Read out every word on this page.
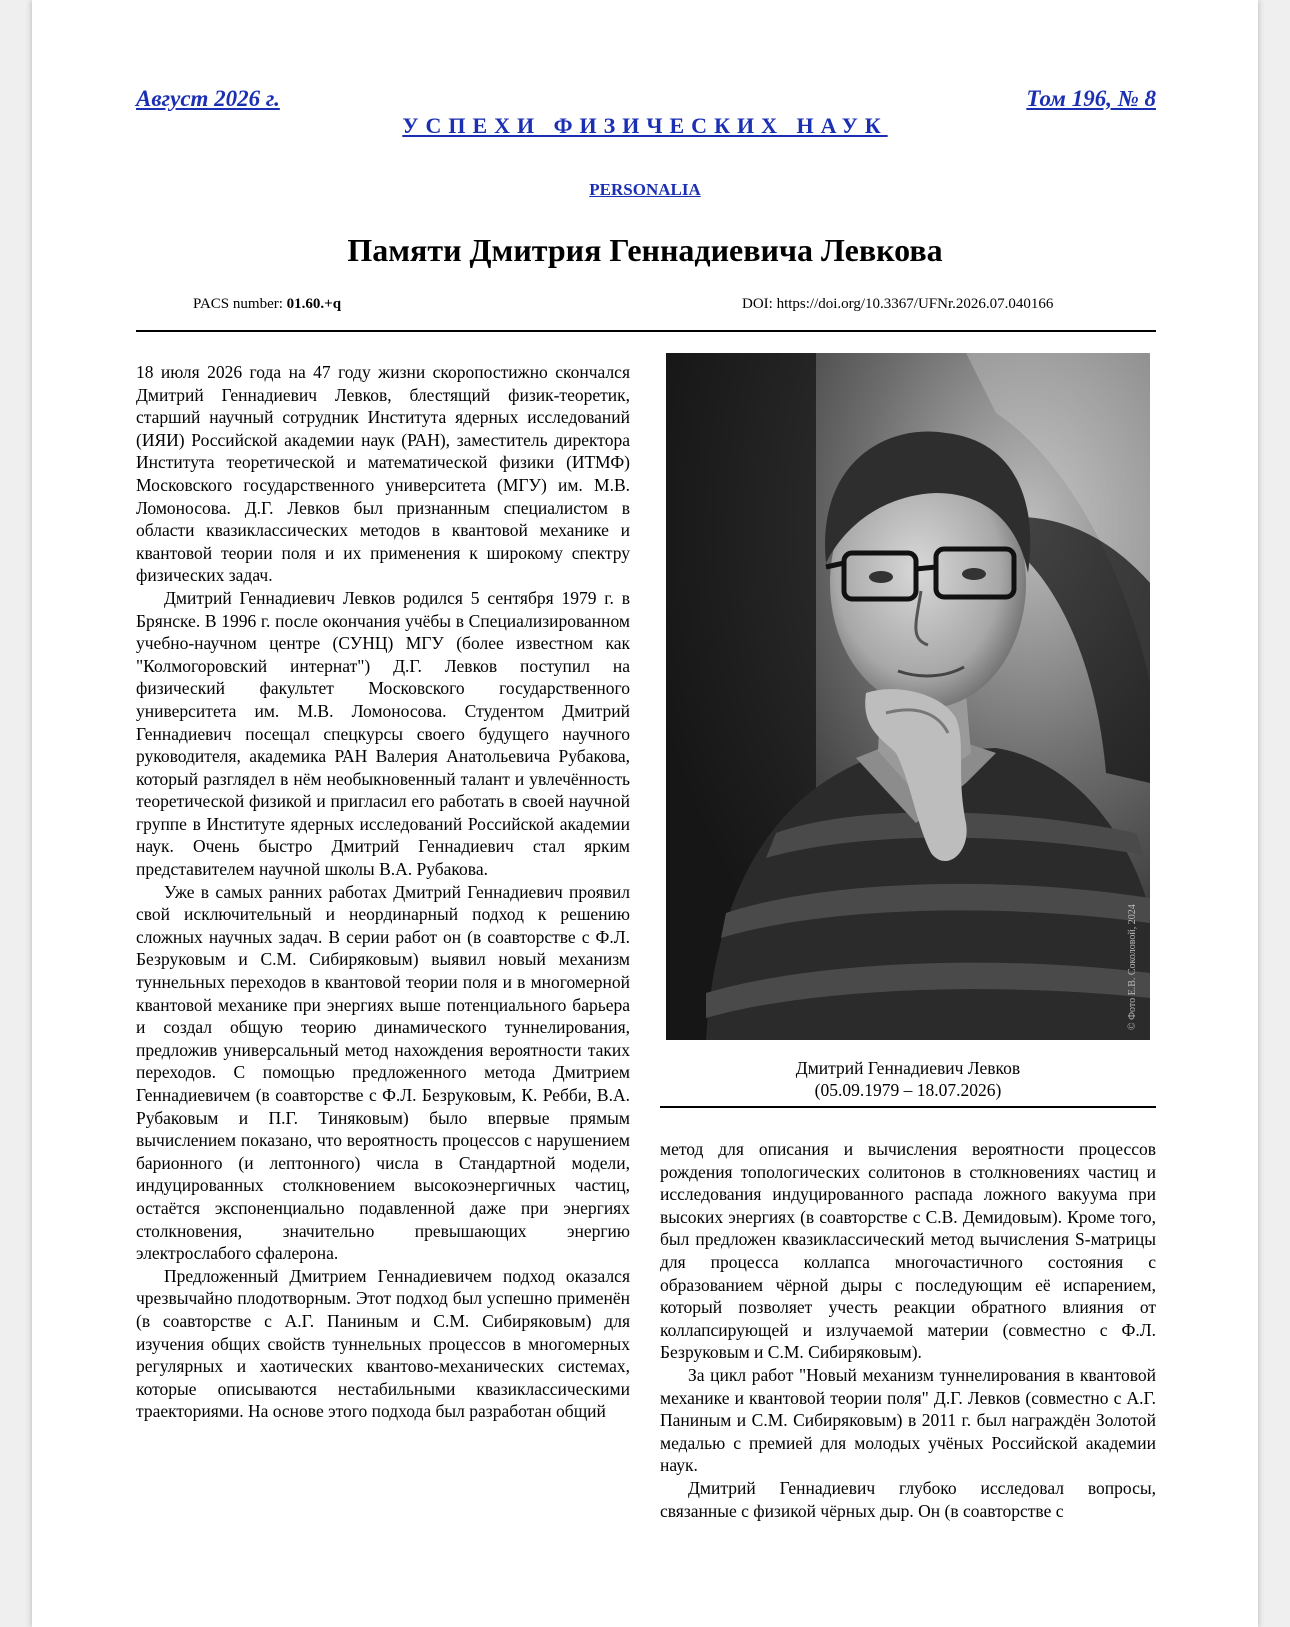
Август 2026 г.	Том 196, № 8
УСПЕХИ ФИЗИЧЕСКИХ НАУК
PERSONALIA
Памяти Дмитрия Геннадиевича Левкова
PACS number: 01.60.+q	DOI: https://doi.org/10.3367/UFNr.2026.07.040166

18 июля 2026 года на 47 году жизни скоропостижно скончался Дмитрий Геннадиевич Левков, блестящий физик-теоретик, старший научный сотрудник Института ядерных исследований (ИЯИ) Российской академии наук (РАН), заместитель директора Института теоретической и математической физики (ИТМФ) Московского государственного университета (МГУ) им. М.В. Ломоносова. Д.Г. Левков был признанным специалистом в области квазиклассических методов в квантовой механике и квантовой теории поля и их применения к широкому спектру физических задач.

Дмитрий Геннадиевич Левков родился 5 сентября 1979 г. в Брянске. В 1996 г. после окончания учёбы в Специализированном учебно-научном центре (СУНЦ) МГУ (более известном как "Колмогоровский интернат") Д.Г. Левков поступил на физический факультет Московского государственного университета им. М.В. Ломоносова. Студентом Дмитрий Геннадиевич посещал спецкурсы своего будущего научного руководителя, академика РАН Валерия Анатольевича Рубакова, который разглядел в нём необыкновенный талант и увлечённость теоретической физикой и пригласил его работать в своей научной группе в Институте ядерных исследований Российской академии наук. Очень быстро Дмитрий Геннадиевич стал ярким представителем научной школы В.А. Рубакова.

Уже в самых ранних работах Дмитрий Геннадиевич проявил свой исключительный и неординарный подход к решению сложных научных задач. В серии работ он (в соавторстве с Ф.Л. Безруковым и С.М. Сибиряковым) выявил новый механизм туннельных переходов в квантовой теории поля и в многомерной квантовой механике при энергиях выше потенциального барьера и создал общую теорию динамического туннелирования, предложив универсальный метод нахождения вероятности таких переходов. С помощью предложенного метода Дмитрием Геннадиевичем (в соавторстве с Ф.Л. Безруковым, К. Ребби, В.А. Рубаковым и П.Г. Тиняковым) было впервые прямым вычислением показано, что вероятность процессов с нарушением барионного (и лептонного) числа в Стандартной модели, индуцированных столкновением высокоэнергичных частиц, остаётся экспоненциально подавленной даже при энергиях столкновения, значительно превышающих энергию электрослабого сфалерона.

Предложенный Дмитрием Геннадиевичем подход оказался чрезвычайно плодотворным. Этот подход был успешно применён (в соавторстве с А.Г. Паниным и С.М. Сибиряковым) для изучения общих свойств туннельных процессов в многомерных регулярных и хаотических квантово-механических системах, которые описываются нестабильными квазиклассическими траекториями. На основе этого подхода был разработан общий

© Фото Е.В. Соколовой, 2024
Дмитрий Геннадиевич Левков
(05.09.1979 – 18.07.2026)

метод для описания и вычисления вероятности процессов рождения топологических солитонов в столкновениях частиц и исследования индуцированного распада ложного вакуума при высоких энергиях (в соавторстве с С.В. Демидовым). Кроме того, был предложен квазиклассический метод вычисления S-матрицы для процесса коллапса многочастичного состояния с образованием чёрной дыры с последующим её испарением, который позволяет учесть реакции обратного влияния от коллапсирующей и излучаемой материи (совместно с Ф.Л. Безруковым и С.М. Сибиряковым).

За цикл работ "Новый механизм туннелирования в квантовой механике и квантовой теории поля" Д.Г. Левков (совместно с А.Г. Паниным и С.М. Сибиряковым) в 2011 г. был награждён Золотой медалью с премией для молодых учёных Российской академии наук.

Дмитрий Геннадиевич глубоко исследовал вопросы, связанные с физикой чёрных дыр. Он (в соавторстве с
